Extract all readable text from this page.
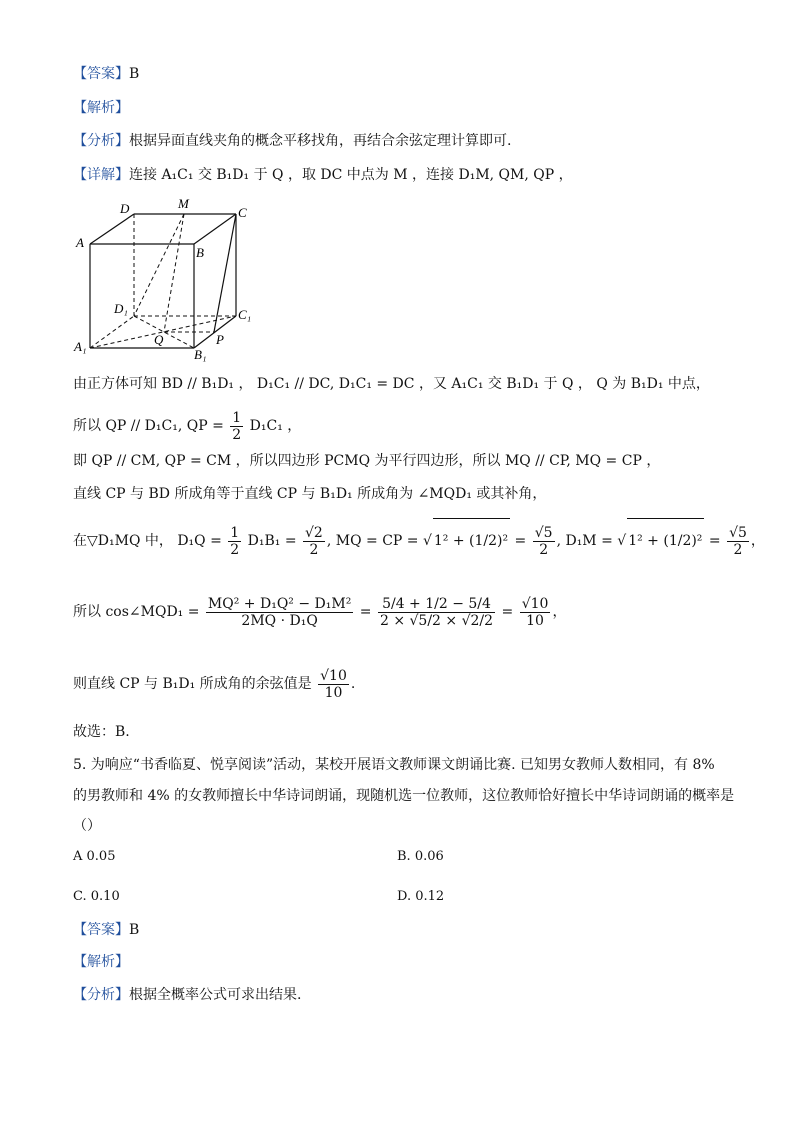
【答案】B
【解析】
【分析】根据异面直线夹角的概念平移找角，再结合余弦定理计算即可.
【详解】连接 A₁C₁ 交 B₁D₁ 于 Q ，取 DC 中点为 M ，连接 D₁M, QM, QP ，
D	M
C
A
B
D₁	C₁
Q	P
A₁
B₁
由正方体可知 BD // B₁D₁ ， D₁C₁ // DC, D₁C₁ = DC ，又 A₁C₁ 交 B₁D₁ 于 Q ， Q 为 B₁D₁ 中点，
所以 QP // D₁C₁, QP = $\frac{1}{2} D_1C_1$ ，
即 QP // CM, QP = CM ，所以四边形 PCMQ 为平行四边形，所以 MQ // CP, MQ = CP ，
直线 CP 与 BD 所成角等于直线 CP 与 B₁D₁ 所成角为 ∠MQD₁ 或其补角，
在▽D₁MQ 中， $D_1Q = \frac{1}{2} D_1B_1 = \frac{√2}{2}$ , MQ = CP = √ $1^2 + (1/2)^2 = \frac{√5}{2}$ , D₁M = √ $1^2 + (1/2)^2 = \frac{√5}{2}$ ，
所以 cos∠MQD₁ = $\frac{\text{MQ² + D₁Q² − D₁M²}}{\text{2MQ · D₁Q}} = \frac{5/4 + 1/2 - 5/4}{2 \times √5/2 \times √2/2} = \frac{√10}{10}$ ，
则直线 CP 与 B₁D₁ 所成角的余弦值是 $\frac{√10}{10}$ .
故选：B.
5. 为响应“书香临夏、悦享阅读”活动，某校开展语文教师课文朗诵比赛. 已知男女教师人数相同，有 8%
的男教师和 4% 的女教师擅长中华诗词朗诵，现随机选一位教师，这位教师恰好擅长中华诗词朗诵的概率是
（）
A 0.05	B. 0.06
C. 0.10	D. 0.12
【答案】B
【解析】
【分析】根据全概率公式可求出结果.
